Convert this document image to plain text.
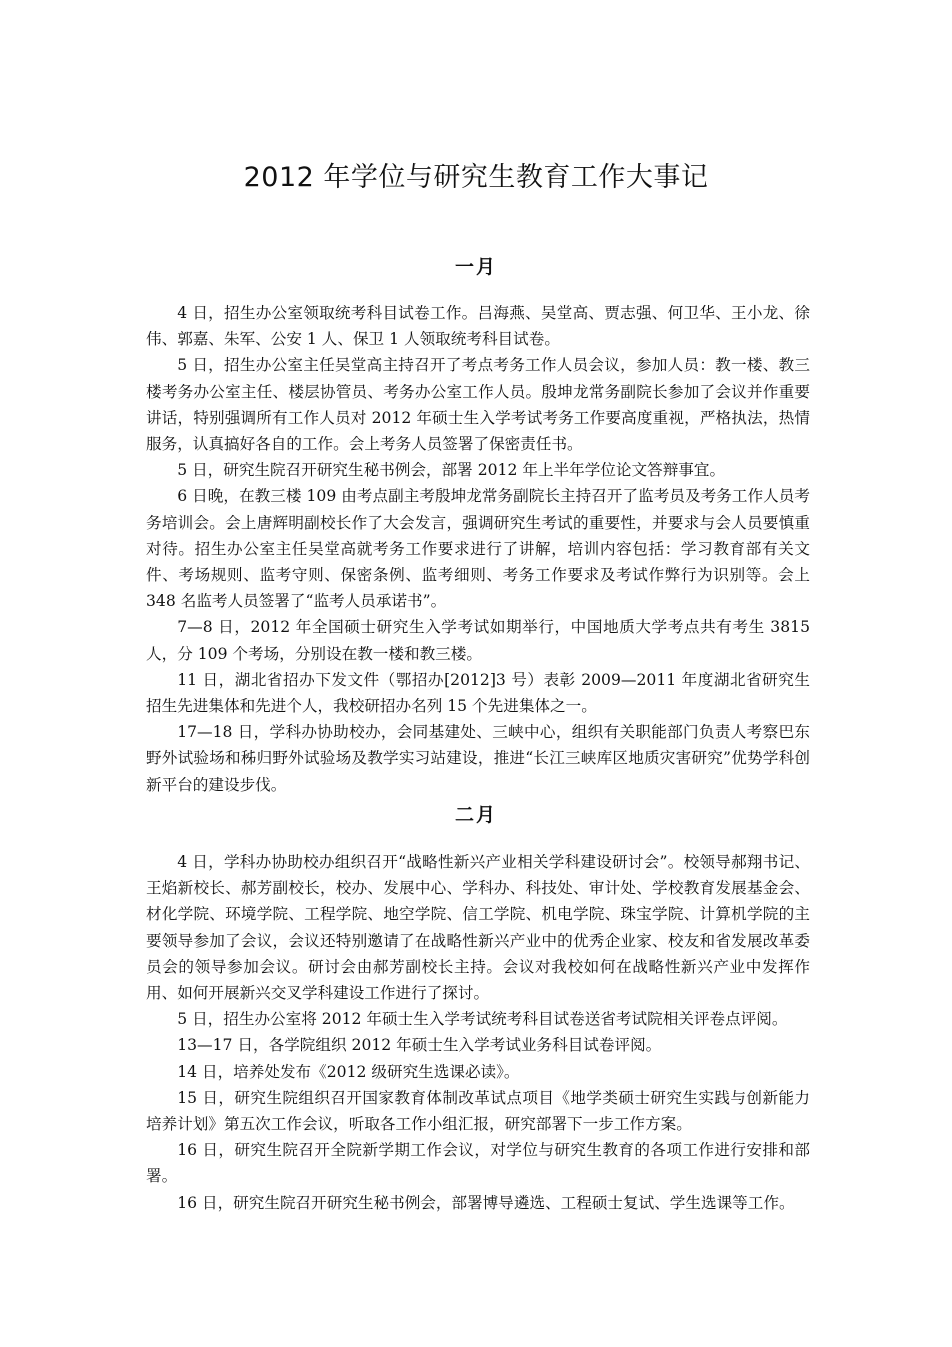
2012 年学位与研究生教育工作大事记
一月

4 日，招生办公室领取统考科目试卷工作。吕海燕、吴堂高、贾志强、何卫华、王小龙、徐伟、郭嘉、朱军、公安 1 人、保卫 1 人领取统考科目试卷。

5 日，招生办公室主任吴堂高主持召开了考点考务工作人员会议，参加人员：教一楼、教三楼考务办公室主任、楼层协管员、考务办公室工作人员。殷坤龙常务副院长参加了会议并作重要讲话，特别强调所有工作人员对 2012 年硕士生入学考试考务工作要高度重视，严格执法，热情服务，认真搞好各自的工作。会上考务人员签署了保密责任书。

5 日，研究生院召开研究生秘书例会，部署 2012 年上半年学位论文答辩事宜。

6 日晚，在教三楼 109 由考点副主考殷坤龙常务副院长主持召开了监考员及考务工作人员考务培训会。会上唐辉明副校长作了大会发言，强调研究生考试的重要性，并要求与会人员要慎重对待。招生办公室主任吴堂高就考务工作要求进行了讲解，培训内容包括：学习教育部有关文件、考场规则、监考守则、保密条例、监考细则、考务工作要求及考试作弊行为识别等。会上 348 名监考人员签署了“监考人员承诺书”。

7—8 日，2012 年全国硕士研究生入学考试如期举行，中国地质大学考点共有考生 3815 人，分 109 个考场，分别设在教一楼和教三楼。

11 日，湖北省招办下发文件（鄂招办[2012]3 号）表彰 2009—2011 年度湖北省研究生招生先进集体和先进个人，我校研招办名列 15 个先进集体之一。

17—18 日，学科办协助校办，会同基建处、三峡中心，组织有关职能部门负责人考察巴东野外试验场和秭归野外试验场及教学实习站建设，推进“长江三峡库区地质灾害研究”优势学科创新平台的建设步伐。

二月

4 日，学科办协助校办组织召开“战略性新兴产业相关学科建设研讨会”。校领导郝翔书记、王焰新校长、郝芳副校长，校办、发展中心、学科办、科技处、审计处、学校教育发展基金会、材化学院、环境学院、工程学院、地空学院、信工学院、机电学院、珠宝学院、计算机学院的主要领导参加了会议，会议还特别邀请了在战略性新兴产业中的优秀企业家、校友和省发展改革委员会的领导参加会议。研讨会由郝芳副校长主持。会议对我校如何在战略性新兴产业中发挥作用、如何开展新兴交叉学科建设工作进行了探讨。

5 日，招生办公室将 2012 年硕士生入学考试统考科目试卷送省考试院相关评卷点评阅。

13—17 日，各学院组织 2012 年硕士生入学考试业务科目试卷评阅。

14 日，培养处发布《2012 级研究生选课必读》。

15 日，研究生院组织召开国家教育体制改革试点项目《地学类硕士研究生实践与创新能力培养计划》第五次工作会议，听取各工作小组汇报，研究部署下一步工作方案。

16 日，研究生院召开全院新学期工作会议，对学位与研究生教育的各项工作进行安排和部署。

16 日，研究生院召开研究生秘书例会，部署博导遴选、工程硕士复试、学生选课等工作。
